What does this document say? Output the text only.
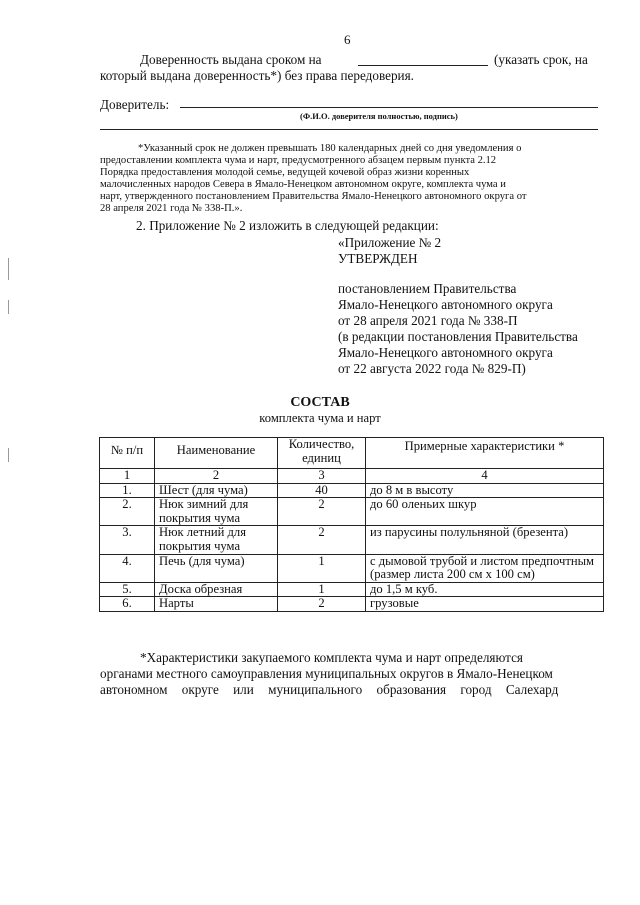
6
Доверенность выдана сроком на	(указать срок, на
который выдана доверенность*) без права передоверия.
Доверитель:
(Ф.И.О. доверителя полностью, подпись)
*Указанный срок не должен превышать 180 календарных дней со дня уведомления о
предоставлении комплекта чума и нарт, предусмотренного абзацем первым пункта 2.12
Порядка предоставления молодой семье, ведущей кочевой образ жизни коренных
малочисленных народов Севера в Ямало-Ненецком автономном округе, комплекта чума и
нарт, утвержденного постановлением Правительства Ямало-Ненецкого автономного округа от
28 апреля 2021 года № 338-П.».
2. Приложение № 2 изложить в следующей редакции:
«Приложение № 2
УТВЕРЖДЕН
постановлением Правительства
Ямало-Ненецкого автономного округа
от 28 апреля 2021 года № 338-П
(в редакции постановления Правительства
Ямало-Ненецкого автономного округа
от 22 августа 2022 года № 829-П)
СОСТАВ
комплекта чума и нарт
№ п/п	Наименование	Количество, единиц	Примерные характеристики *
1	2	3	4
1.	Шест (для чума)	40	до 8 м в высоту
2.	Нюк зимний для покрытия чума	2	до 60 оленьих шкур
3.	Нюк летний для покрытия чума	2	из парусины полульняной (брезента)
4.	Печь (для чума)	1	с дымовой трубой и листом предпочтным (размер листа 200 см х 100 см)
5.	Доска обрезная	1	до 1,5 м куб.
6.	Нарты	2	грузовые
*Характеристики закупаемого комплекта чума и нарт определяются
органами местного самоуправления муниципальных округов в Ямало-Ненецком
автономном округе или муниципального образования город Салехард
